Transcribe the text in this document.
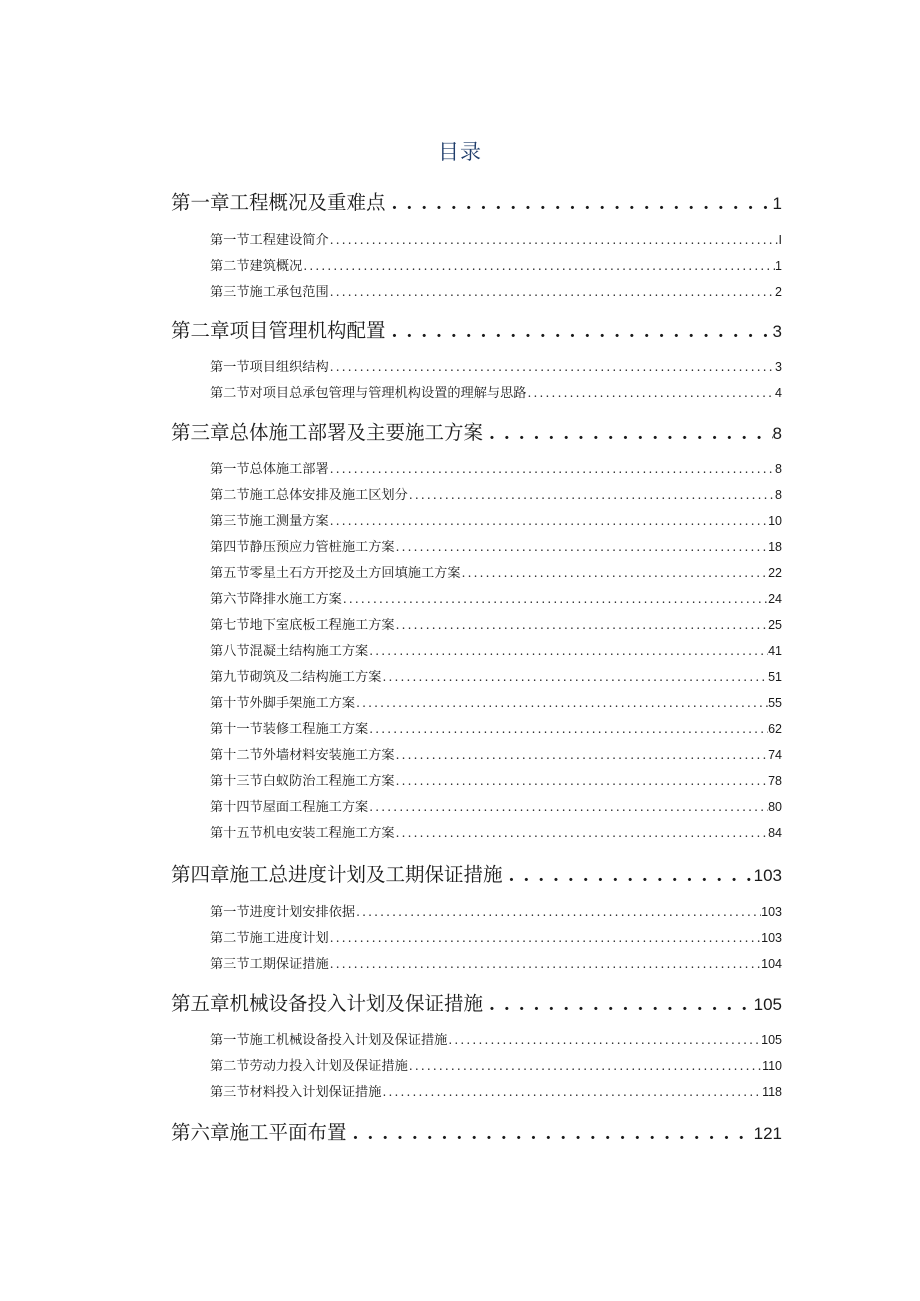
目录
第一章工程概况及重难点 . . .	1
第一节工程建设简介 .....	I
第二节建筑概况 .....	1
第三节施工承包范围 .....	2
第二章项目管理机构配置 . . .	3
第一节项目组织结构 .....	3
第二节对项目总承包管理与管理机构设置的理解与思路 .....	4
第三章总体施工部署及主要施工方案 . . .	8
第一节总体施工部署 .....	8
第二节施工总体安排及施工区划分 .....	8
第三节施工测量方案 .....	10
第四节静压预应力管桩施工方案 .....	18
第五节零星土石方开挖及土方回填施工方案 .....	22
第六节降排水施工方案 .....	24
第七节地下室底板工程施工方案 .....	25
第八节混凝土结构施工方案 .....	41
第九节砌筑及二结构施工方案 .....	51
第十节外脚手架施工方案 .....	55
第十一节装修工程施工方案 .....	62
第十二节外墙材料安装施工方案 .....	74
第十三节白蚁防治工程施工方案 .....	78
第十四节屋面工程施工方案 .....	80
第十五节机电安装工程施工方案 .....	84
第四章施工总进度计划及工期保证措施 . . .	103
第一节进度计划安排依据 .....	103
第二节施工进度计划 .....	103
第三节工期保证措施 .....	104
第五章机械设备投入计划及保证措施 . . .	105
第一节施工机械设备投入计划及保证措施 .....	105
第二节劳动力投入计划及保证措施 .....	110
第三节材料投入计划保证措施 .....	118
第六章施工平面布置 . . .	121
